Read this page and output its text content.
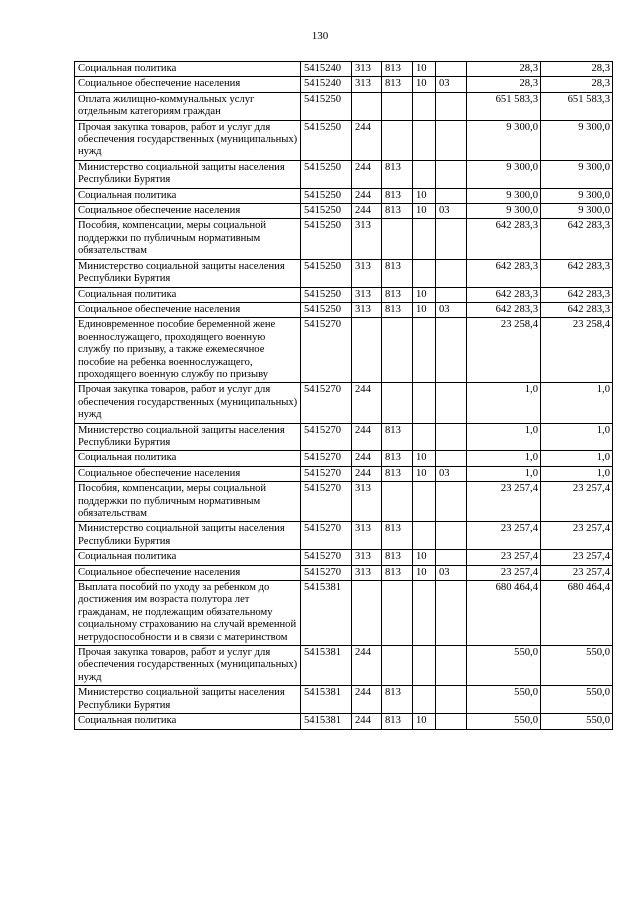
130
Социальная политика	5415240	313	813	10		28,3	28,3
Социальное обеспечение населения	5415240	313	813	10	03	28,3	28,3
Оплата жилищно-коммунальных услуг отдельным категориям граждан	5415250					651 583,3	651 583,3
Прочая закупка товаров, работ и услуг для обеспечения государственных (муниципальных) нужд	5415250	244				9 300,0	9 300,0
Министерство социальной защиты населения Республики Бурятия	5415250	244	813			9 300,0	9 300,0
Социальная политика	5415250	244	813	10		9 300,0	9 300,0
Социальное обеспечение населения	5415250	244	813	10	03	9 300,0	9 300,0
Пособия, компенсации, меры социальной поддержки по публичным нормативным обязательствам	5415250	313				642 283,3	642 283,3
Министерство социальной защиты населения Республики Бурятия	5415250	313	813			642 283,3	642 283,3
Социальная политика	5415250	313	813	10		642 283,3	642 283,3
Социальное обеспечение населения	5415250	313	813	10	03	642 283,3	642 283,3
Единовременное пособие беременной жене военнослужащего, проходящего военную службу по призыву, а также ежемесячное пособие на ребенка военнослужащего, проходящего военную службу по призыву	5415270					23 258,4	23 258,4
Прочая закупка товаров, работ и услуг для обеспечения государственных (муниципальных) нужд	5415270	244				1,0	1,0
Министерство социальной защиты населения Республики Бурятия	5415270	244	813			1,0	1,0
Социальная политика	5415270	244	813	10		1,0	1,0
Социальное обеспечение населения	5415270	244	813	10	03	1,0	1,0
Пособия, компенсации, меры социальной поддержки по публичным нормативным обязательствам	5415270	313				23 257,4	23 257,4
Министерство социальной защиты населения Республики Бурятия	5415270	313	813			23 257,4	23 257,4
Социальная политика	5415270	313	813	10		23 257,4	23 257,4
Социальное обеспечение населения	5415270	313	813	10	03	23 257,4	23 257,4
Выплата пособий по уходу за ребенком до достижения им возраста полутора лет гражданам, не подлежащим обязательному социальному страхованию на случай временной нетрудоспособности и в связи с материнством	5415381					680 464,4	680 464,4
Прочая закупка товаров, работ и услуг для обеспечения государственных (муниципальных) нужд	5415381	244				550,0	550,0
Министерство социальной защиты населения Республики Бурятия	5415381	244	813			550,0	550,0
Социальная политика	5415381	244	813	10		550,0	550,0
